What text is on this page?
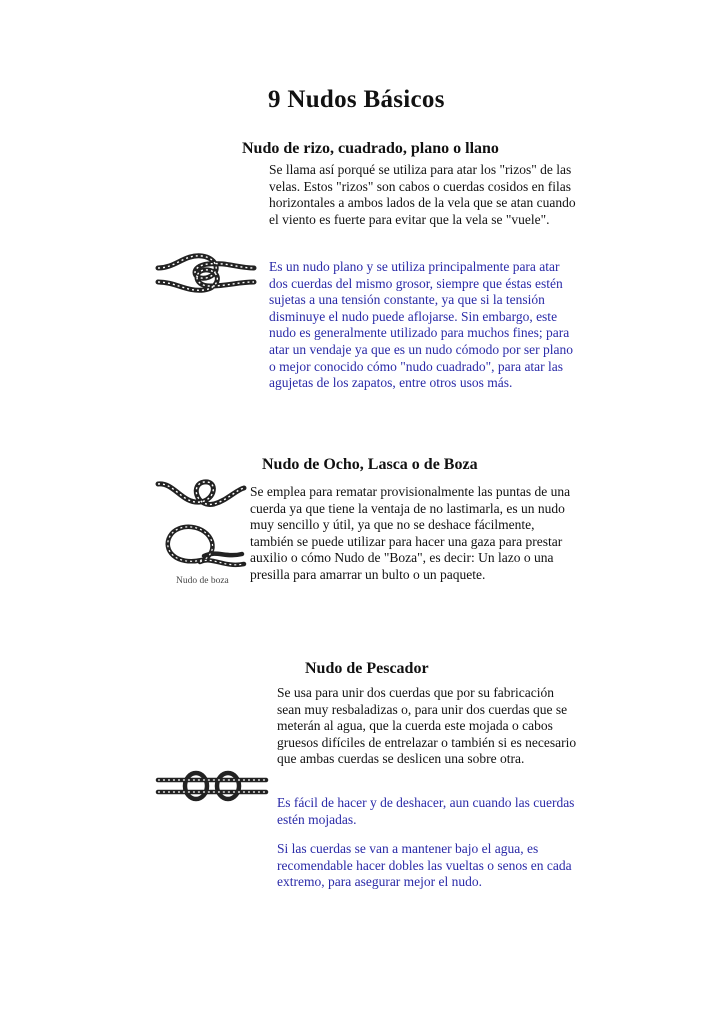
9 Nudos Básicos
Nudo de rizo, cuadrado, plano o llano

Se llama así porqué se utiliza para atar los "rizos" de las velas. Estos "rizos" son cabos o cuerdas cosidos en filas horizontales a ambos lados de la vela que se atan cuando el viento es fuerte para evitar que la vela se "vuele".

Es un nudo plano y se utiliza principalmente para atar dos cuerdas del mismo grosor, siempre que éstas estén sujetas a una tensión constante, ya que si la tensión disminuye el nudo puede aflojarse. Sin embargo, este nudo es generalmente utilizado para muchos fines; para atar un vendaje ya que es un nudo cómodo por ser plano o mejor conocido cómo "nudo cuadrado", para atar las agujetas de los zapatos, entre otros usos más.

Nudo de Ocho, Lasca o de Boza

Se emplea para rematar provisionalmente las puntas de una cuerda ya que tiene la ventaja de no lastimarla, es un nudo muy sencillo y útil, ya que no se deshace fácilmente, también se puede utilizar para hacer una gaza para prestar auxilio o cómo Nudo de "Boza", es decir: Un lazo o una presilla para amarrar un bulto o un paquete.

Nudo de boza
Nudo de Pescador

Se usa para unir dos cuerdas que por su fabricación sean muy resbaladizas o, para unir dos cuerdas que se meterán al agua, que la cuerda este mojada o cabos gruesos difíciles de entrelazar o también si es necesario que ambas cuerdas se deslicen una sobre otra.

Es fácil de hacer y de deshacer, aun cuando las cuerdas estén mojadas.

Si las cuerdas se van a mantener bajo el agua, es recomendable hacer dobles las vueltas o senos en cada extremo, para asegurar mejor el nudo.
